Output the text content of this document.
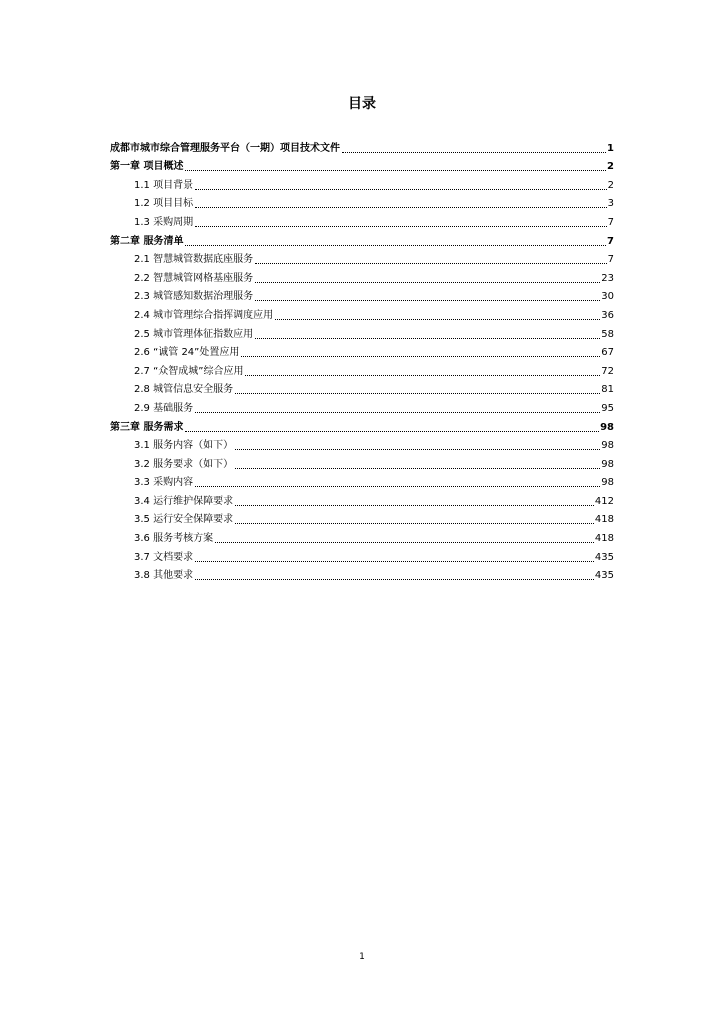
目录
成都市城市综合管理服务平台（一期）项目技术文件	1
第一章 项目概述	2
1.1 项目背景	2
1.2 项目目标	3
1.3 采购周期	7
第二章 服务清单	7
2.1 智慧城管数据底座服务	7
2.2 智慧城管网格基座服务	23
2.3 城管感知数据治理服务	30
2.4 城市管理综合指挥调度应用	36
2.5 城市管理体征指数应用	58
2.6 “诚管 24”处置应用	67
2.7 “众智成城”综合应用	72
2.8 城管信息安全服务	81
2.9 基础服务	95
第三章 服务需求	98
3.1 服务内容（如下）	98
3.2 服务要求（如下）	98
3.3 采购内容	98
3.4 运行维护保障要求	412
3.5 运行安全保障要求	418
3.6 服务考核方案	418
3.7 文档要求	435
3.8 其他要求	435
1
